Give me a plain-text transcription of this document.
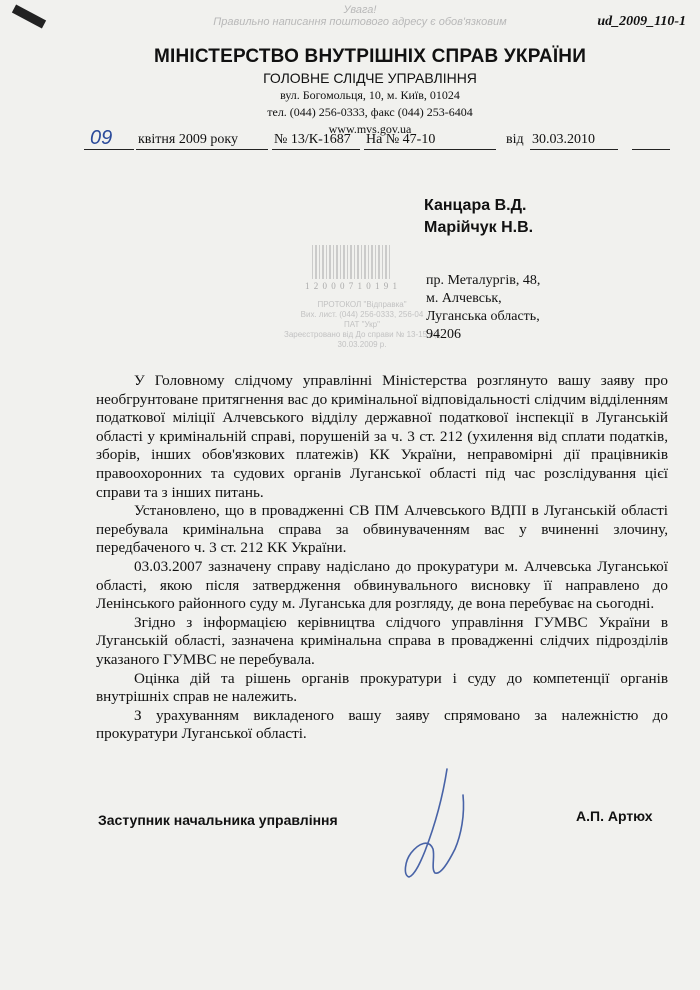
ud_2009_110-1
Увага!
Правильно написання поштового адресу є обов'язковим
МІНІСТЕРСТВО ВНУТРІШНІХ СПРАВ УКРАЇНИ
ГОЛОВНЕ СЛІДЧЕ УПРАВЛІННЯ
вул. Богомольця, 10, м. Київ, 01024
тел. (044) 256-0333, факс (044) 253-6404
www.mvs.gov.ua
09 квітня 2009 року	№ 13/К-1687 На № 47-10	від 30.03.2010
Канцара В.Д.
Марійчук Н.В.
1 2 0 0 0 7 1 0 1 9 1
ПРОТОКОЛ "Відправка"
Вих. лист. (044) 256-0333, 256-04
ПАТ "Укр"
Зареєстровано від До справи № 13-15 від 30.03.2009 р.
пр. Металургів, 48,
м. Алчевськ,
Луганська область,
94206

У Головному слідчому управлінні Міністерства розглянуто вашу заяву про необгрунтоване притягнення вас до кримінальної відповідальності слідчим відділенням податкової міліції Алчевського відділу державної податкової інспекції в Луганській області у кримінальній справі, порушеній за ч. 3 ст. 212 (ухилення від сплати податків, зборів, інших обов'язкових платежів) КК України, неправомірні дії працівників правоохоронних та судових органів Луганської області під час розслідування цієї справи та з інших питань.

Установлено, що в провадженні СВ ПМ Алчевського ВДПІ в Луганській області перебувала кримінальна справа за обвинуваченням вас у вчиненні злочину, передбаченого ч. 3 ст. 212 КК України.

03.03.2007 зазначену справу надіслано до прокуратури м. Алчевська Луганської області, якою після затвердження обвинувального висновку її направлено до Ленінського районного суду м. Луганська для розгляду, де вона перебуває на сьогодні.

Згідно з інформацією керівництва слідчого управління ГУМВС України в Луганській області, зазначена кримінальна справа в провадженні слідчих підрозділів указаного ГУМВС не перебувала.

Оцінка дій та рішень органів прокуратури і суду до компетенції органів внутрішніх справ не належить.

З урахуванням викладеного вашу заяву спрямовано за належністю до прокуратури Луганської області.

Заступник начальника управління	А.П. Артюх
